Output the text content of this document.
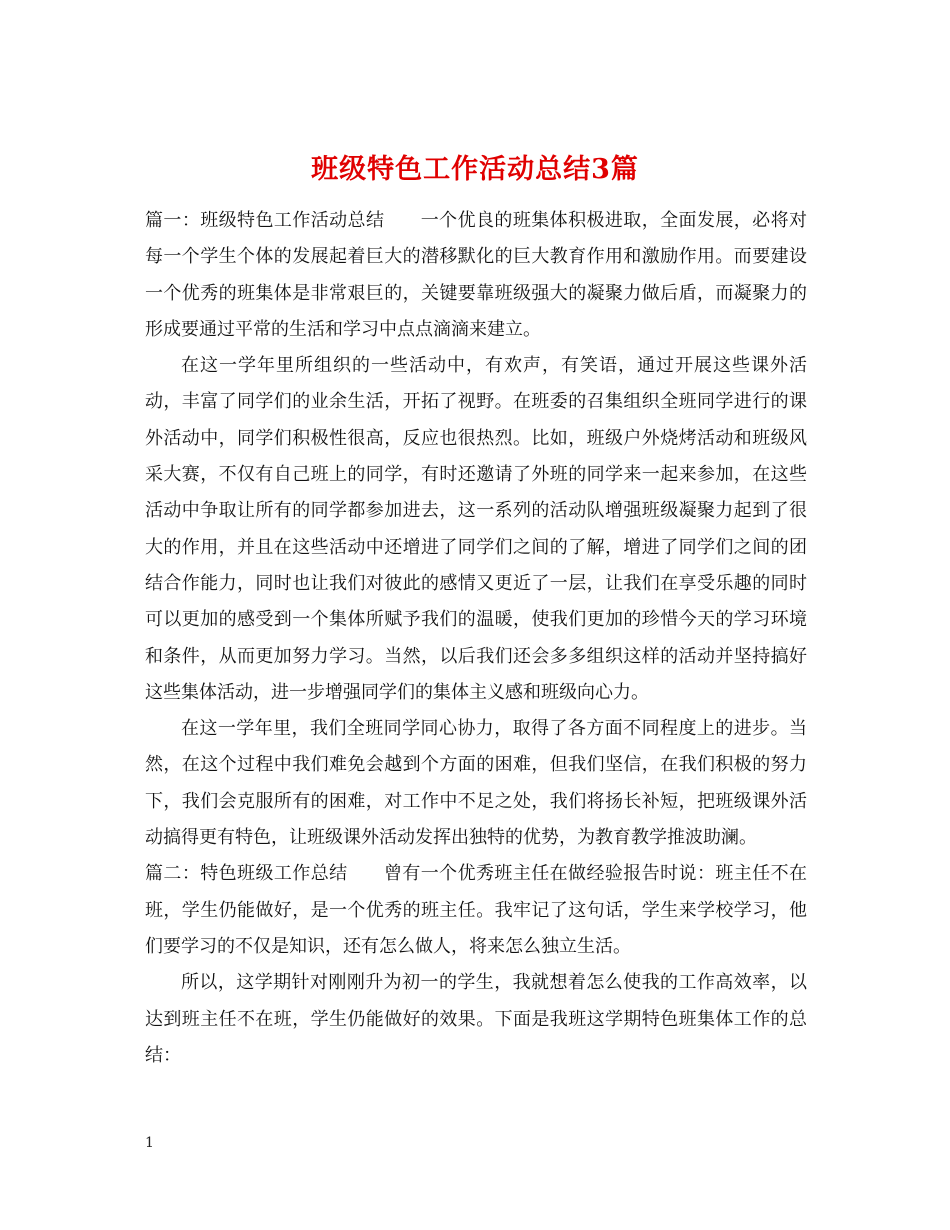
班级特色工作活动总结3篇

篇一：班级特色工作活动总结 一个优良的班集体积极进取，全面发展，必将对每一个学生个体的发展起着巨大的潜移默化的巨大教育作用和激励作用。而要建设一个优秀的班集体是非常艰巨的，关键要靠班级强大的凝聚力做后盾，而凝聚力的形成要通过平常的生活和学习中点点滴滴来建立。

在这一学年里所组织的一些活动中，有欢声，有笑语，通过开展这些课外活动，丰富了同学们的业余生活，开拓了视野。在班委的召集组织全班同学进行的课外活动中，同学们积极性很高，反应也很热烈。比如，班级户外烧烤活动和班级风采大赛，不仅有自己班上的同学，有时还邀请了外班的同学来一起来参加，在这些活动中争取让所有的同学都参加进去，这一系列的活动队增强班级凝聚力起到了很大的作用，并且在这些活动中还增进了同学们之间的了解，增进了同学们之间的团结合作能力，同时也让我们对彼此的感情又更近了一层，让我们在享受乐趣的同时可以更加的感受到一个集体所赋予我们的温暖，使我们更加的珍惜今天的学习环境和条件，从而更加努力学习。当然，以后我们还会多多组织这样的活动并坚持搞好这些集体活动，进一步增强同学们的集体主义感和班级向心力。

在这一学年里，我们全班同学同心协力，取得了各方面不同程度上的进步。当然，在这个过程中我们难免会越到个方面的困难，但我们坚信，在我们积极的努力下，我们会克服所有的困难，对工作中不足之处，我们将扬长补短，把班级课外活动搞得更有特色，让班级课外活动发挥出独特的优势，为教育教学推波助澜。

篇二：特色班级工作总结 曾有一个优秀班主任在做经验报告时说：班主任不在班，学生仍能做好，是一个优秀的班主任。我牢记了这句话，学生来学校学习，他们要学习的不仅是知识，还有怎么做人，将来怎么独立生活。

所以，这学期针对刚刚升为初一的学生，我就想着怎么使我的工作高效率，以达到班主任不在班，学生仍能做好的效果。下面是我班这学期特色班集体工作的总结：

1
